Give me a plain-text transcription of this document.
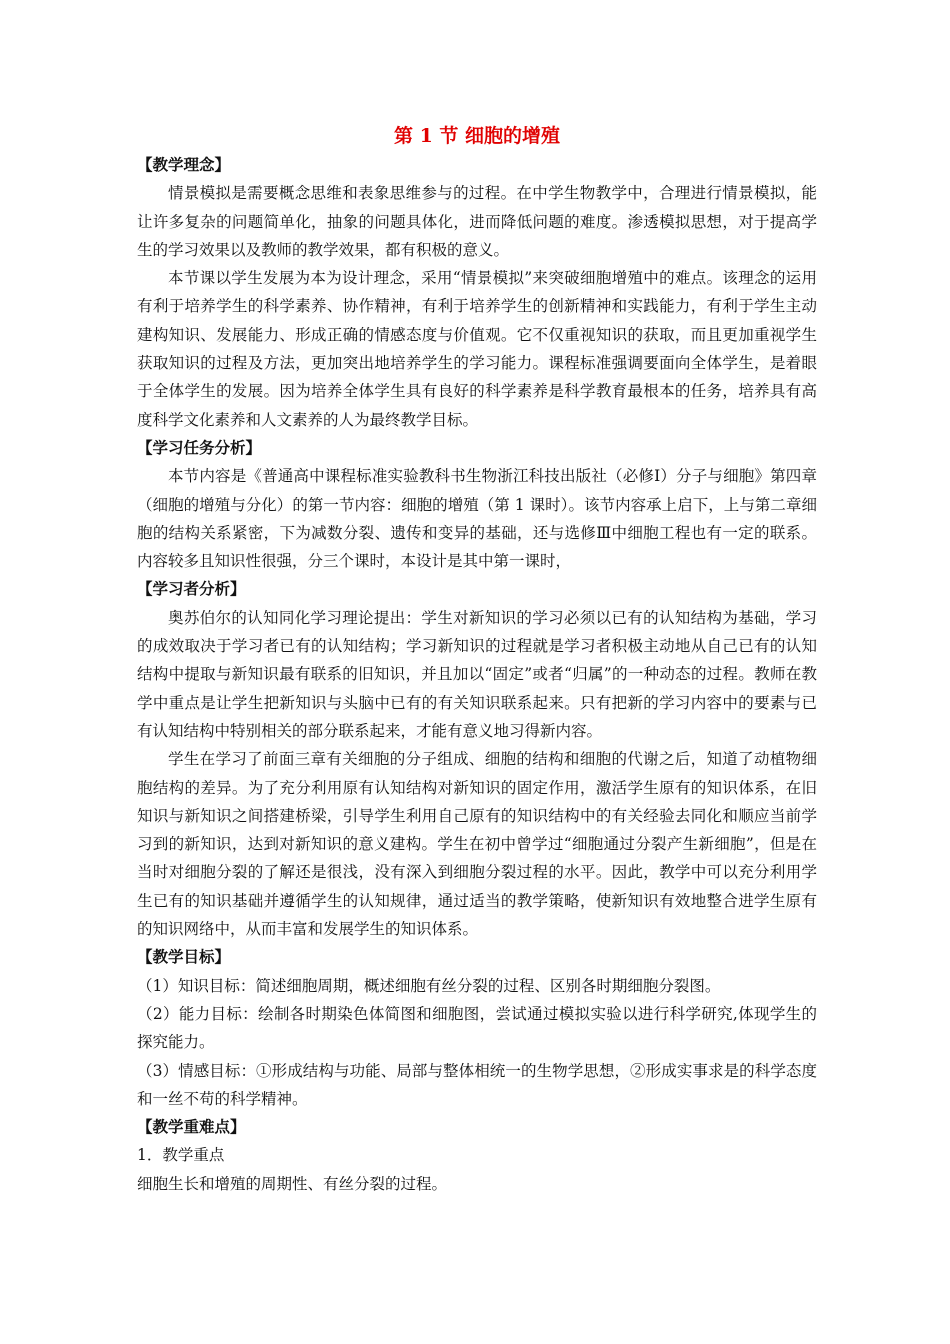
第 1 节 细胞的增殖
【教学理念】

情景模拟是需要概念思维和表象思维参与的过程。在中学生物教学中，合理进行情景模拟，能让许多复杂的问题简单化，抽象的问题具体化，进而降低问题的难度。渗透模拟思想，对于提高学生的学习效果以及教师的教学效果，都有积极的意义。

本节课以学生发展为本为设计理念，采用“情景模拟”来突破细胞增殖中的难点。该理念的运用有利于培养学生的科学素养、协作精神，有利于培养学生的创新精神和实践能力，有利于学生主动建构知识、发展能力、形成正确的情感态度与价值观。它不仅重视知识的获取，而且更加重视学生获取知识的过程及方法，更加突出地培养学生的学习能力。课程标准强调要面向全体学生，是着眼于全体学生的发展。因为培养全体学生具有良好的科学素养是科学教育最根本的任务，培养具有高度科学文化素养和人文素养的人为最终教学目标。

【学习任务分析】

本节内容是《普通高中课程标准实验教科书生物浙江科技出版社（必修Ⅰ）分子与细胞》第四章（细胞的增殖与分化）的第一节内容：细胞的增殖（第 1 课时）。该节内容承上启下，上与第二章细胞的结构关系紧密，下为减数分裂、遗传和变异的基础，还与选修Ⅲ中细胞工程也有一定的联系。内容较多且知识性很强，分三个课时，本设计是其中第一课时，

【学习者分析】

奥苏伯尔的认知同化学习理论提出：学生对新知识的学习必须以已有的认知结构为基础，学习的成效取决于学习者已有的认知结构；学习新知识的过程就是学习者积极主动地从自己已有的认知结构中提取与新知识最有联系的旧知识，并且加以“固定”或者“归属”的一种动态的过程。教师在教学中重点是让学生把新知识与头脑中已有的有关知识联系起来。只有把新的学习内容中的要素与已有认知结构中特别相关的部分联系起来，才能有意义地习得新内容。

学生在学习了前面三章有关细胞的分子组成、细胞的结构和细胞的代谢之后，知道了动植物细胞结构的差异。为了充分利用原有认知结构对新知识的固定作用，激活学生原有的知识体系，在旧知识与新知识之间搭建桥梁，引导学生利用自己原有的知识结构中的有关经验去同化和顺应当前学习到的新知识，达到对新知识的意义建构。学生在初中曾学过“细胞通过分裂产生新细胞”，但是在当时对细胞分裂的了解还是很浅，没有深入到细胞分裂过程的水平。因此，教学中可以充分利用学生已有的知识基础并遵循学生的认知规律，通过适当的教学策略，使新知识有效地整合进学生原有的知识网络中，从而丰富和发展学生的知识体系。

【教学目标】

（1）知识目标：简述细胞周期，概述细胞有丝分裂的过程、区别各时期细胞分裂图。

（2）能力目标：绘制各时期染色体简图和细胞图，尝试通过模拟实验以进行科学研究,体现学生的探究能力。

（3）情感目标：①形成结构与功能、局部与整体相统一的生物学思想，②形成实事求是的科学态度和一丝不苟的科学精神。

【教学重难点】

1．教学重点

细胞生长和增殖的周期性、有丝分裂的过程。
